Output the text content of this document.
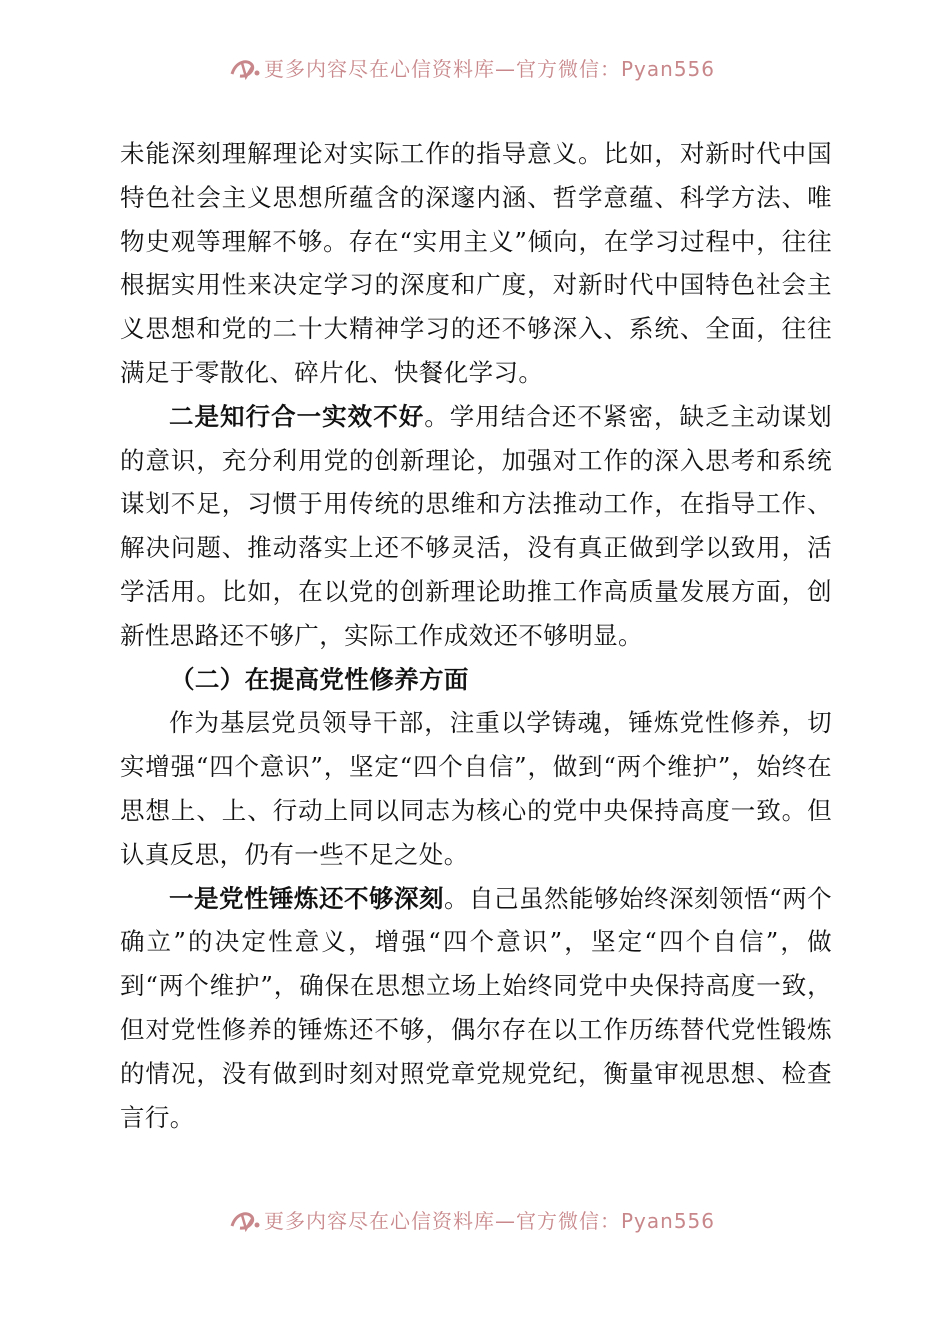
更多内容尽在心信资料库—官方微信：Pyan556

未能深刻理解理论对实际工作的指导意义。比如，对新时代中国特色社会主义思想所蕴含的深邃内涵、哲学意蕴、科学方法、唯物史观等理解不够。存在“实用主义”倾向，在学习过程中，往往根据实用性来决定学习的深度和广度，对新时代中国特色社会主义思想和党的二十大精神学习的还不够深入、系统、全面，往往满足于零散化、碎片化、快餐化学习。

二是知行合一实效不好。学用结合还不紧密，缺乏主动谋划的意识，充分利用党的创新理论，加强对工作的深入思考和系统谋划不足，习惯于用传统的思维和方法推动工作，在指导工作、解决问题、推动落实上还不够灵活，没有真正做到学以致用，活学活用。比如，在以党的创新理论助推工作高质量发展方面，创新性思路还不够广，实际工作成效还不够明显。

（二）在提高党性修养方面

作为基层党员领导干部，注重以学铸魂，锤炼党性修养，切实增强“四个意识”，坚定“四个自信”，做到“两个维护”，始终在思想上、上、行动上同以同志为核心的党中央保持高度一致。但认真反思，仍有一些不足之处。

一是党性锤炼还不够深刻。自己虽然能够始终深刻领悟“两个确立”的决定性意义，增强“四个意识”，坚定“四个自信”，做到“两个维护”，确保在思想立场上始终同党中央保持高度一致，但对党性修养的锤炼还不够，偶尔存在以工作历练替代党性锻炼的情况，没有做到时刻对照党章党规党纪，衡量审视思想、检查言行。

更多内容尽在心信资料库—官方微信：Pyan556
